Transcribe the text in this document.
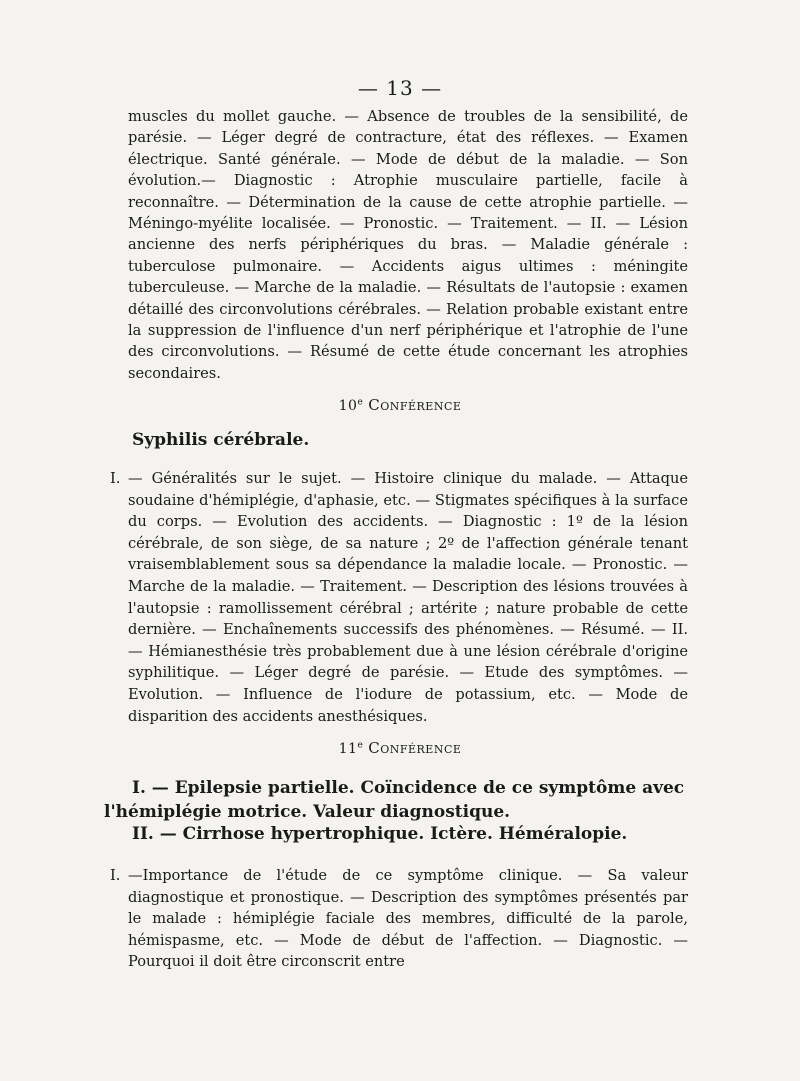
— 13 —

muscles du mollet gauche. — Absence de troubles de la sensibilité, de parésie. — Léger degré de contracture, état des réflexes. — Examen électrique. Santé générale. — Mode de début de la maladie. — Son évolution.— Diagnostic : Atrophie musculaire partielle, facile à reconnaître. — Détermination de la cause de cette atrophie partielle. — Méningo-myélite localisée. — Pronostic. — Traitement. — II. — Lésion ancienne des nerfs périphériques du bras. — Maladie générale : tuberculose pulmonaire. — Accidents aigus ultimes : méningite tuberculeuse. — Marche de la maladie. — Résultats de l'autopsie : examen détaillé des circonvolutions cérébrales. — Relation probable existant entre la suppression de l'influence d'un nerf périphérique et l'atrophie de l'une des circonvolutions. — Résumé de cette étude concernant les atrophies secondaires.

10e Conférence
Syphilis cérébrale.
I. — Généralités sur le sujet. — Histoire clinique du malade. — Attaque soudaine d'hémiplégie, d'aphasie, etc. — Stigmates spécifiques à la surface du corps. — Evolution des accidents. — Diagnostic : 1º de la lésion cérébrale, de son siège, de sa nature ; 2º de l'affection générale tenant vraisemblablement sous sa dépendance la maladie locale. — Pronostic. — Marche de la maladie. — Traitement. — Description des lésions trouvées à l'autopsie : ramollissement cérébral ; artérite ; nature probable de cette dernière. — Enchaînements successifs des phénomènes. — Résumé. — II. — Hémianesthésie très probablement due à une lésion cérébrale d'origine syphilitique. — Léger degré de parésie. — Etude des symptômes. — Evolution. — Influence de l'iodure de potassium, etc. — Mode de disparition des accidents anesthésiques.
11e Conférence
I. — Epilepsie partielle. Coïncidence de ce symptôme avec l'hémiplégie motrice. Valeur diagnostique.
II. — Cirrhose hypertrophique. Ictère. Héméralopie.
I. —Importance de l'étude de ce symptôme clinique. — Sa valeur diagnostique et pronostique. — Description des symptômes présentés par le malade : hémiplégie faciale des membres, difficulté de la parole, hémispasme, etc. — Mode de début de l'affection. — Diagnostic. — Pourquoi il doit être circonscrit entre
